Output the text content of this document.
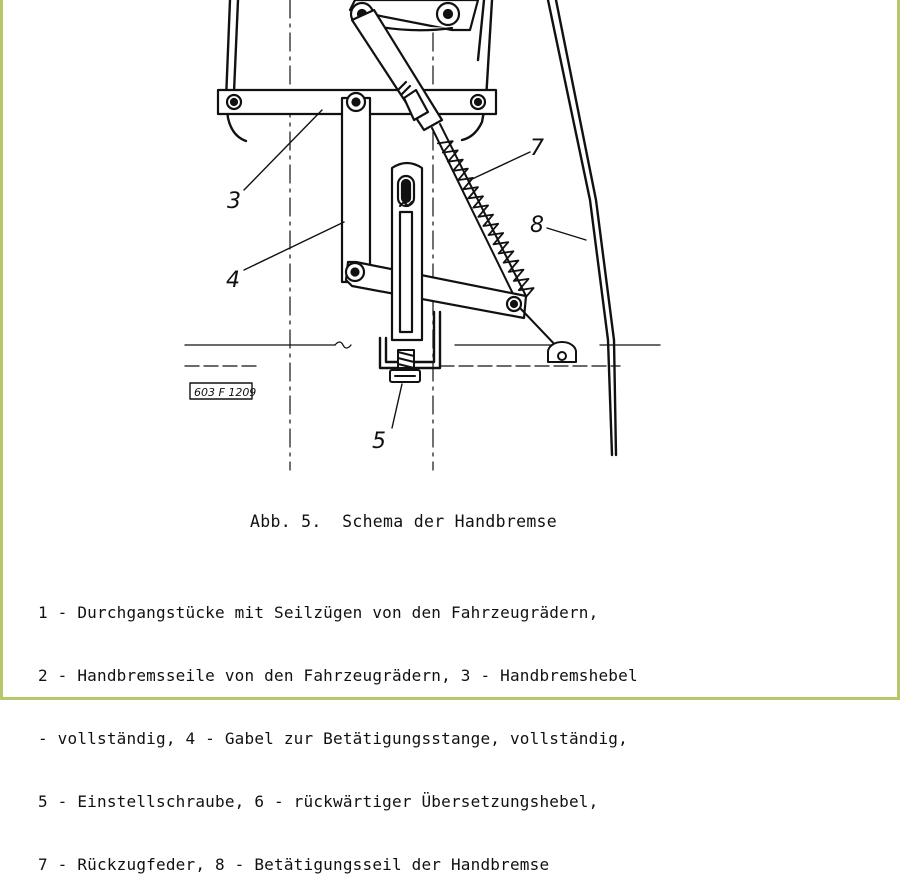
3
4
5
7
8
603 F 1209
Abb. 5.  Schema der Handbremse

1 - Durchgangstücke mit Seilzügen von den Fahrzeugrädern,

2 - Handbremsseile von den Fahrzeugrädern, 3 - Handbremshebel

- vollständig, 4 - Gabel zur Betätigungsstange, vollständig,

5 - Einstellschraube, 6 - rückwärtiger Übersetzungshebel,

7 - Rückzugfeder, 8 - Betätigungsseil der Handbremse
